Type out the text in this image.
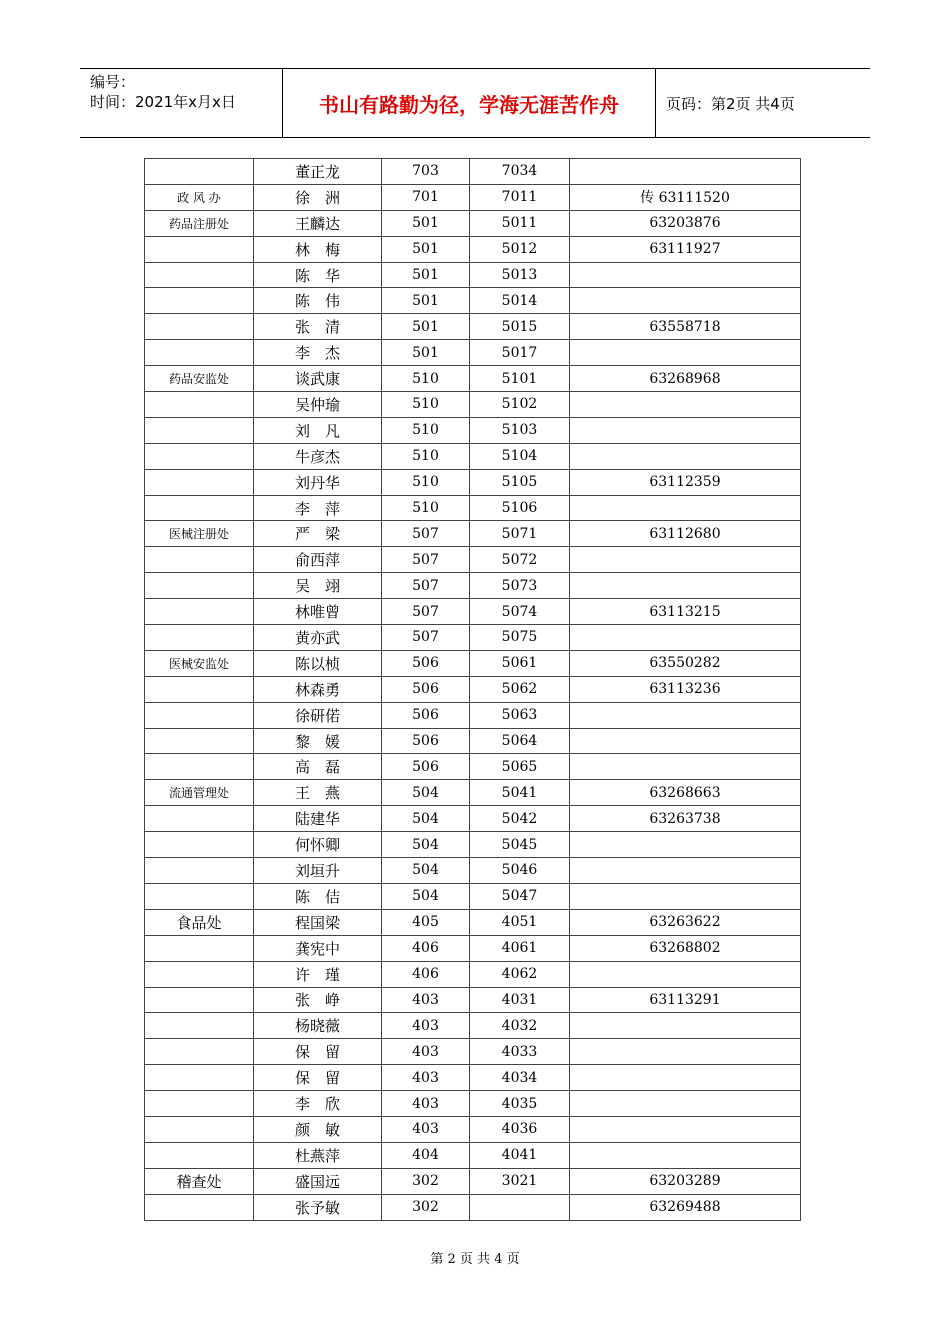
编号：
时间：2021年x月x日	书山有路勤为径，学海无涯苦作舟	页码：第2页 共4页
	董正龙	703	7034	
政 风 办	徐　洲	701	7011	传 63111520
药品注册处	王麟达	501	5011	63203876
	林　梅	501	5012	63111927
	陈　华	501	5013	
	陈　伟	501	5014	
	张　清	501	5015	63558718
	李　杰	501	5017	
药品安监处	谈武康	510	5101	63268968
	吴仲瑜	510	5102	
	刘　凡	510	5103	
	牛彦杰	510	5104	
	刘丹华	510	5105	63112359
	李　萍	510	5106	
医械注册处	严　梁	507	5071	63112680
	俞西萍	507	5072	
	吴　翊	507	5073	
	林唯曾	507	5074	63113215
	黄亦武	507	5075	
医械安监处	陈以桢	506	5061	63550282
	林森勇	506	5062	63113236
	徐研偌	506	5063	
	黎　媛	506	5064	
	高　磊	506	5065	
流通管理处	王　燕	504	5041	63268663
	陆建华	504	5042	63263738
	何怀卿	504	5045	
	刘垣升	504	5046	
	陈　佶	504	5047	
食品处	程国梁	405	4051	63263622
	龚宪中	406	4061	63268802
	许　瑾	406	4062	
	张　峥	403	4031	63113291
	杨晓薇	403	4032	
	保　留	403	4033	
	保　留	403	4034	
	李　欣	403	4035	
	颜　敏	403	4036	
	杜燕萍	404	4041	
稽查处	盛国远	302	3021	63203289
	张予敏	302		63269488
第 2 页 共 4 页
